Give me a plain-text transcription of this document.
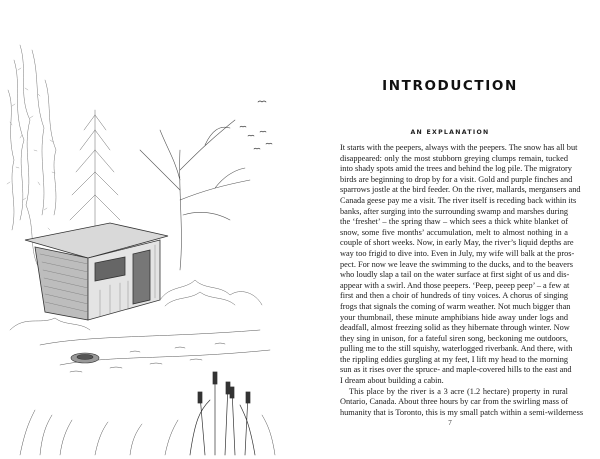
INTRODUCTION
AN EXPLANATION

It starts with the peepers, always with the peepers. The snow has all but
disappeared: only the most stubborn greying clumps remain, tucked
into shady spots amid the trees and behind the log pile. The migratory
birds are beginning to drop by for a visit. Gold and purple finches and
sparrows jostle at the bird feeder. On the river, mallards, mergansers and
Canada geese pay me a visit. The river itself is receding back within its
banks, after surging into the surrounding swamp and marshes during
the ‘freshet’ – the spring thaw – which sees a thick white blanket of
snow, some five months’ accumulation, melt to almost nothing in a
couple of short weeks. Now, in early May, the river’s liquid depths are
way too frigid to dive into. Even in July, my wife will balk at the pros-
pect. For now we leave the swimming to the ducks, and to the beavers
who loudly slap a tail on the water surface at first sight of us and dis-
appear with a swirl. And those peepers. ‘Peep, peeep peep’ – a few at
first and then a choir of hundreds of tiny voices. A chorus of singing
frogs that signals the coming of warm weather. Not much bigger than
your thumbnail, these minute amphibians hide away under logs and
deadfall, almost freezing solid as they hibernate through winter. Now
they sing in unison, for a fateful siren song, beckoning me outdoors,
pulling me to the still squishy, waterlogged riverbank. And there, with
the rippling eddies gurgling at my feet, I lift my head to the morning
sun as it rises over the spruce- and maple-covered hills to the east and
I dream about building a cabin.

This place by the river is a 3 acre (1.2 hectare) property in rural
Ontario, Canada. About three hours by car from the swirling mass of
humanity that is Toronto, this is my small patch within a semi-wilderness

7
